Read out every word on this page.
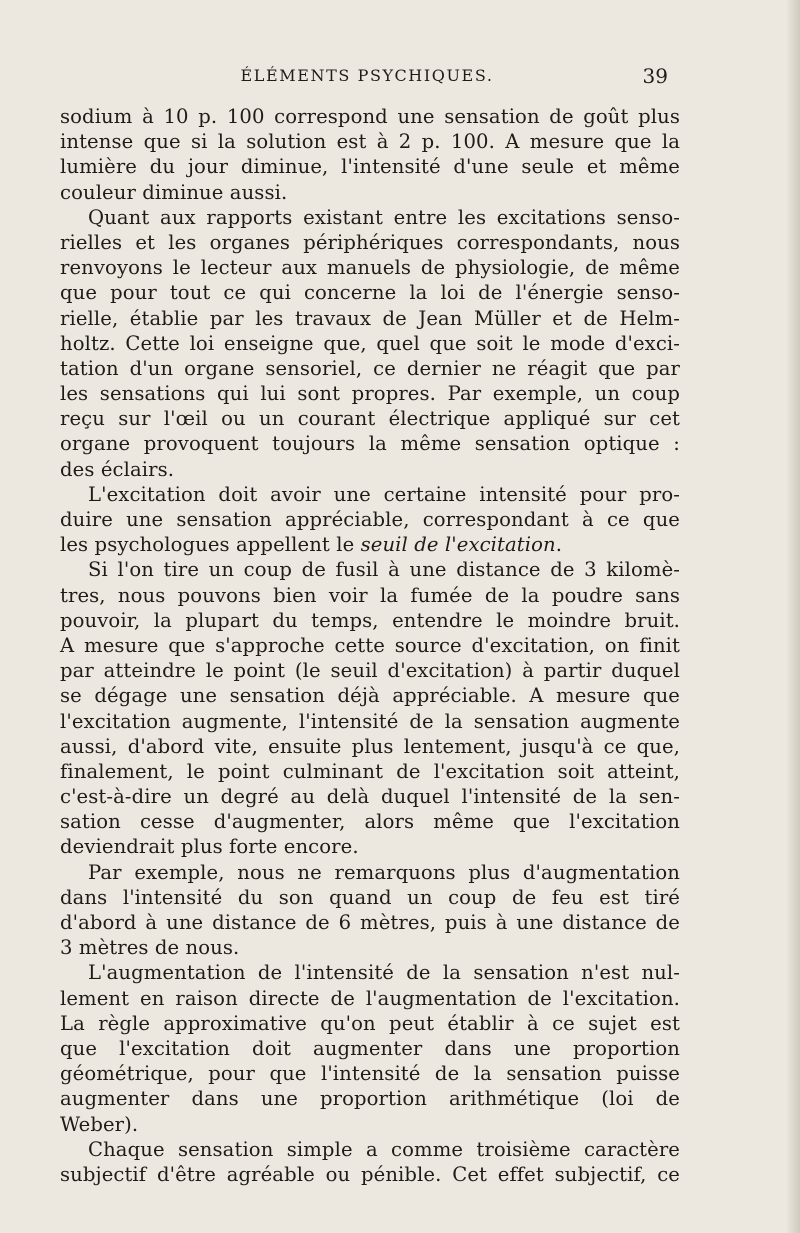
ÉLÉMENTS PSYCHIQUES.	39
sodium à 10 p. 100 correspond une sensation de goût plus
intense que si la solution est à 2 p. 100. A mesure que la
lumière du jour diminue, l'intensité d'une seule et même
couleur diminue aussi.
Quant aux rapports existant entre les excitations senso-
rielles et les organes périphériques correspondants, nous
renvoyons le lecteur aux manuels de physiologie, de même
que pour tout ce qui concerne la loi de l'énergie senso-
rielle, établie par les travaux de Jean Müller et de Helm-
holtz. Cette loi enseigne que, quel que soit le mode d'exci-
tation d'un organe sensoriel, ce dernier ne réagit que par
les sensations qui lui sont propres. Par exemple, un coup
reçu sur l'œil ou un courant électrique appliqué sur cet
organe provoquent toujours la même sensation optique :
des éclairs.
L'excitation doit avoir une certaine intensité pour pro-
duire une sensation appréciable, correspondant à ce que
les psychologues appellent le seuil de l'excitation.
Si l'on tire un coup de fusil à une distance de 3 kilomè-
tres, nous pouvons bien voir la fumée de la poudre sans
pouvoir, la plupart du temps, entendre le moindre bruit.
A mesure que s'approche cette source d'excitation, on finit
par atteindre le point (le seuil d'excitation) à partir duquel
se dégage une sensation déjà appréciable. A mesure que
l'excitation augmente, l'intensité de la sensation augmente
aussi, d'abord vite, ensuite plus lentement, jusqu'à ce que,
finalement, le point culminant de l'excitation soit atteint,
c'est-à-dire un degré au delà duquel l'intensité de la sen-
sation cesse d'augmenter, alors même que l'excitation
deviendrait plus forte encore.
Par exemple, nous ne remarquons plus d'augmentation
dans l'intensité du son quand un coup de feu est tiré
d'abord à une distance de 6 mètres, puis à une distance de
3 mètres de nous.
L'augmentation de l'intensité de la sensation n'est nul-
lement en raison directe de l'augmentation de l'excitation.
La règle approximative qu'on peut établir à ce sujet est
que l'excitation doit augmenter dans une proportion
géométrique, pour que l'intensité de la sensation puisse
augmenter dans une proportion arithmétique (loi de
Weber).
Chaque sensation simple a comme troisième caractère
subjectif d'être agréable ou pénible. Cet effet subjectif, ce
